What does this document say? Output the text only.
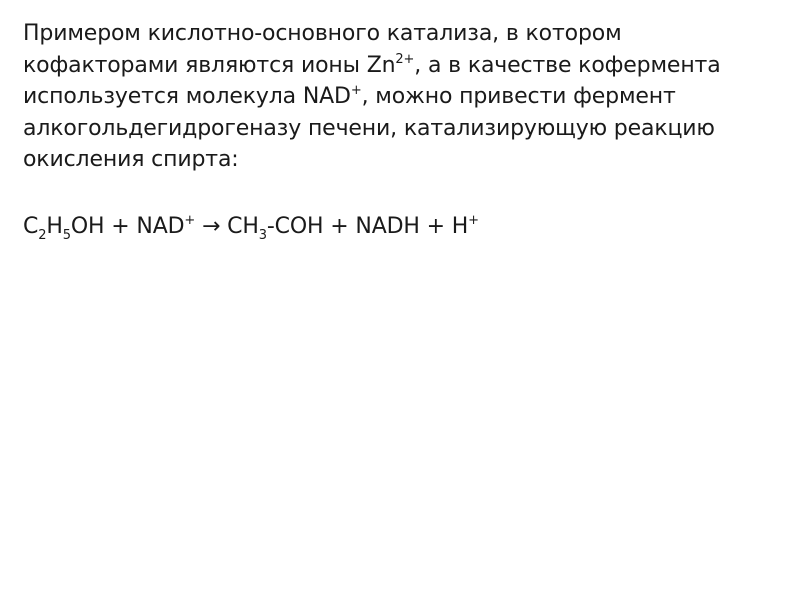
Примером кислотно-основного катализа, в котором
кофакторами являются ионы $Zn^{2+}$, а в качестве кофермента
используется молекула NAD+, можно привести фермент
алкогольдегидрогеназу печени, катализирующую реакцию
окисления спирта:
$C_2H_5OH + NAD^+ \to CH_3-COH$ + NADH + H+
